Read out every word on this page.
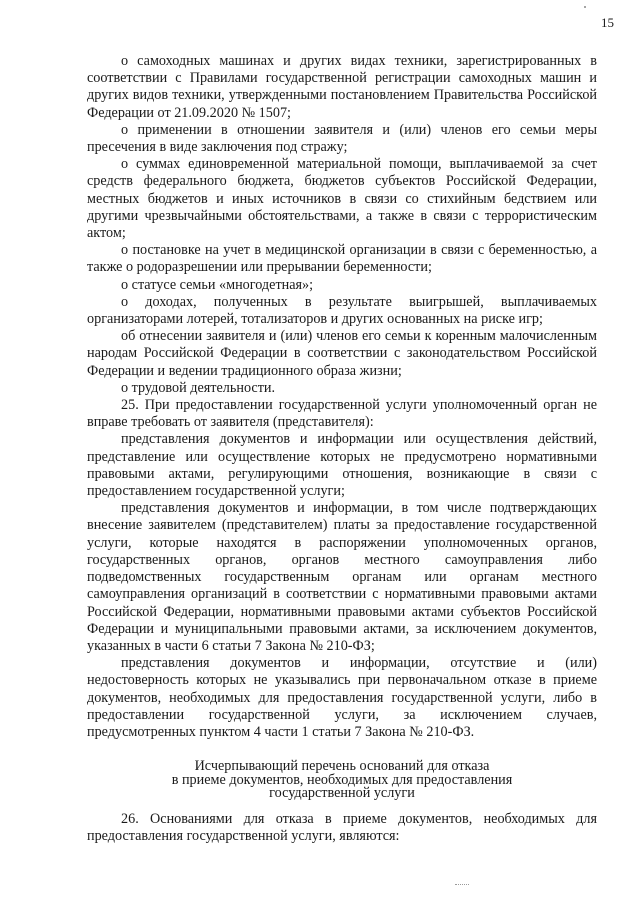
15

о самоходных машинах и других видах техники, зарегистрированных в соответствии с Правилами государственной регистрации самоходных машин и других видов техники, утвержденными постановлением Правительства Российской Федерации от 21.09.2020 № 1507;

о применении в отношении заявителя и (или) членов его семьи меры пресечения в виде заключения под стражу;

о суммах единовременной материальной помощи, выплачиваемой за счет средств федерального бюджета, бюджетов субъектов Российской Федерации, местных бюджетов и иных источников в связи со стихийным бедствием или другими чрезвычайными обстоятельствами, а также в связи с террористическим актом;

о постановке на учет в медицинской организации в связи с беременностью, а также о родоразрешении или прерывании беременности;

о статусе семьи «многодетная»;

о доходах, полученных в результате выигрышей, выплачиваемых организаторами лотерей, тотализаторов и других основанных на риске игр;

об отнесении заявителя и (или) членов его семьи к коренным малочисленным народам Российской Федерации в соответствии с законодательством Российской Федерации и ведении традиционного образа жизни;

о трудовой деятельности.

25. При предоставлении государственной услуги уполномоченный орган не вправе требовать от заявителя (представителя):

представления документов и информации или осуществления действий, представление или осуществление которых не предусмотрено нормативными правовыми актами, регулирующими отношения, возникающие в связи с предоставлением государственной услуги;

представления документов и информации, в том числе подтверждающих внесение заявителем (представителем) платы за предоставление государственной услуги, которые находятся в распоряжении уполномоченных органов, государственных органов, органов местного самоуправления либо подведомственных государственным органам или органам местного самоуправления организаций в соответствии с нормативными правовыми актами Российской Федерации, нормативными правовыми актами субъектов Российской Федерации и муниципальными правовыми актами, за исключением документов, указанных в части 6 статьи 7 Закона № 210-ФЗ;

представления документов и информации, отсутствие и (или) недостоверность которых не указывались при первоначальном отказе в приеме документов, необходимых для предоставления государственной услуги, либо в предоставлении государственной услуги, за исключением случаев, предусмотренных пунктом 4 части 1 статьи 7 Закона № 210-ФЗ.

Исчерпывающий перечень оснований для отказа
в приеме документов, необходимых для предоставления
государственной услуги

26. Основаниями для отказа в приеме документов, необходимых для предоставления государственной услуги, являются:
